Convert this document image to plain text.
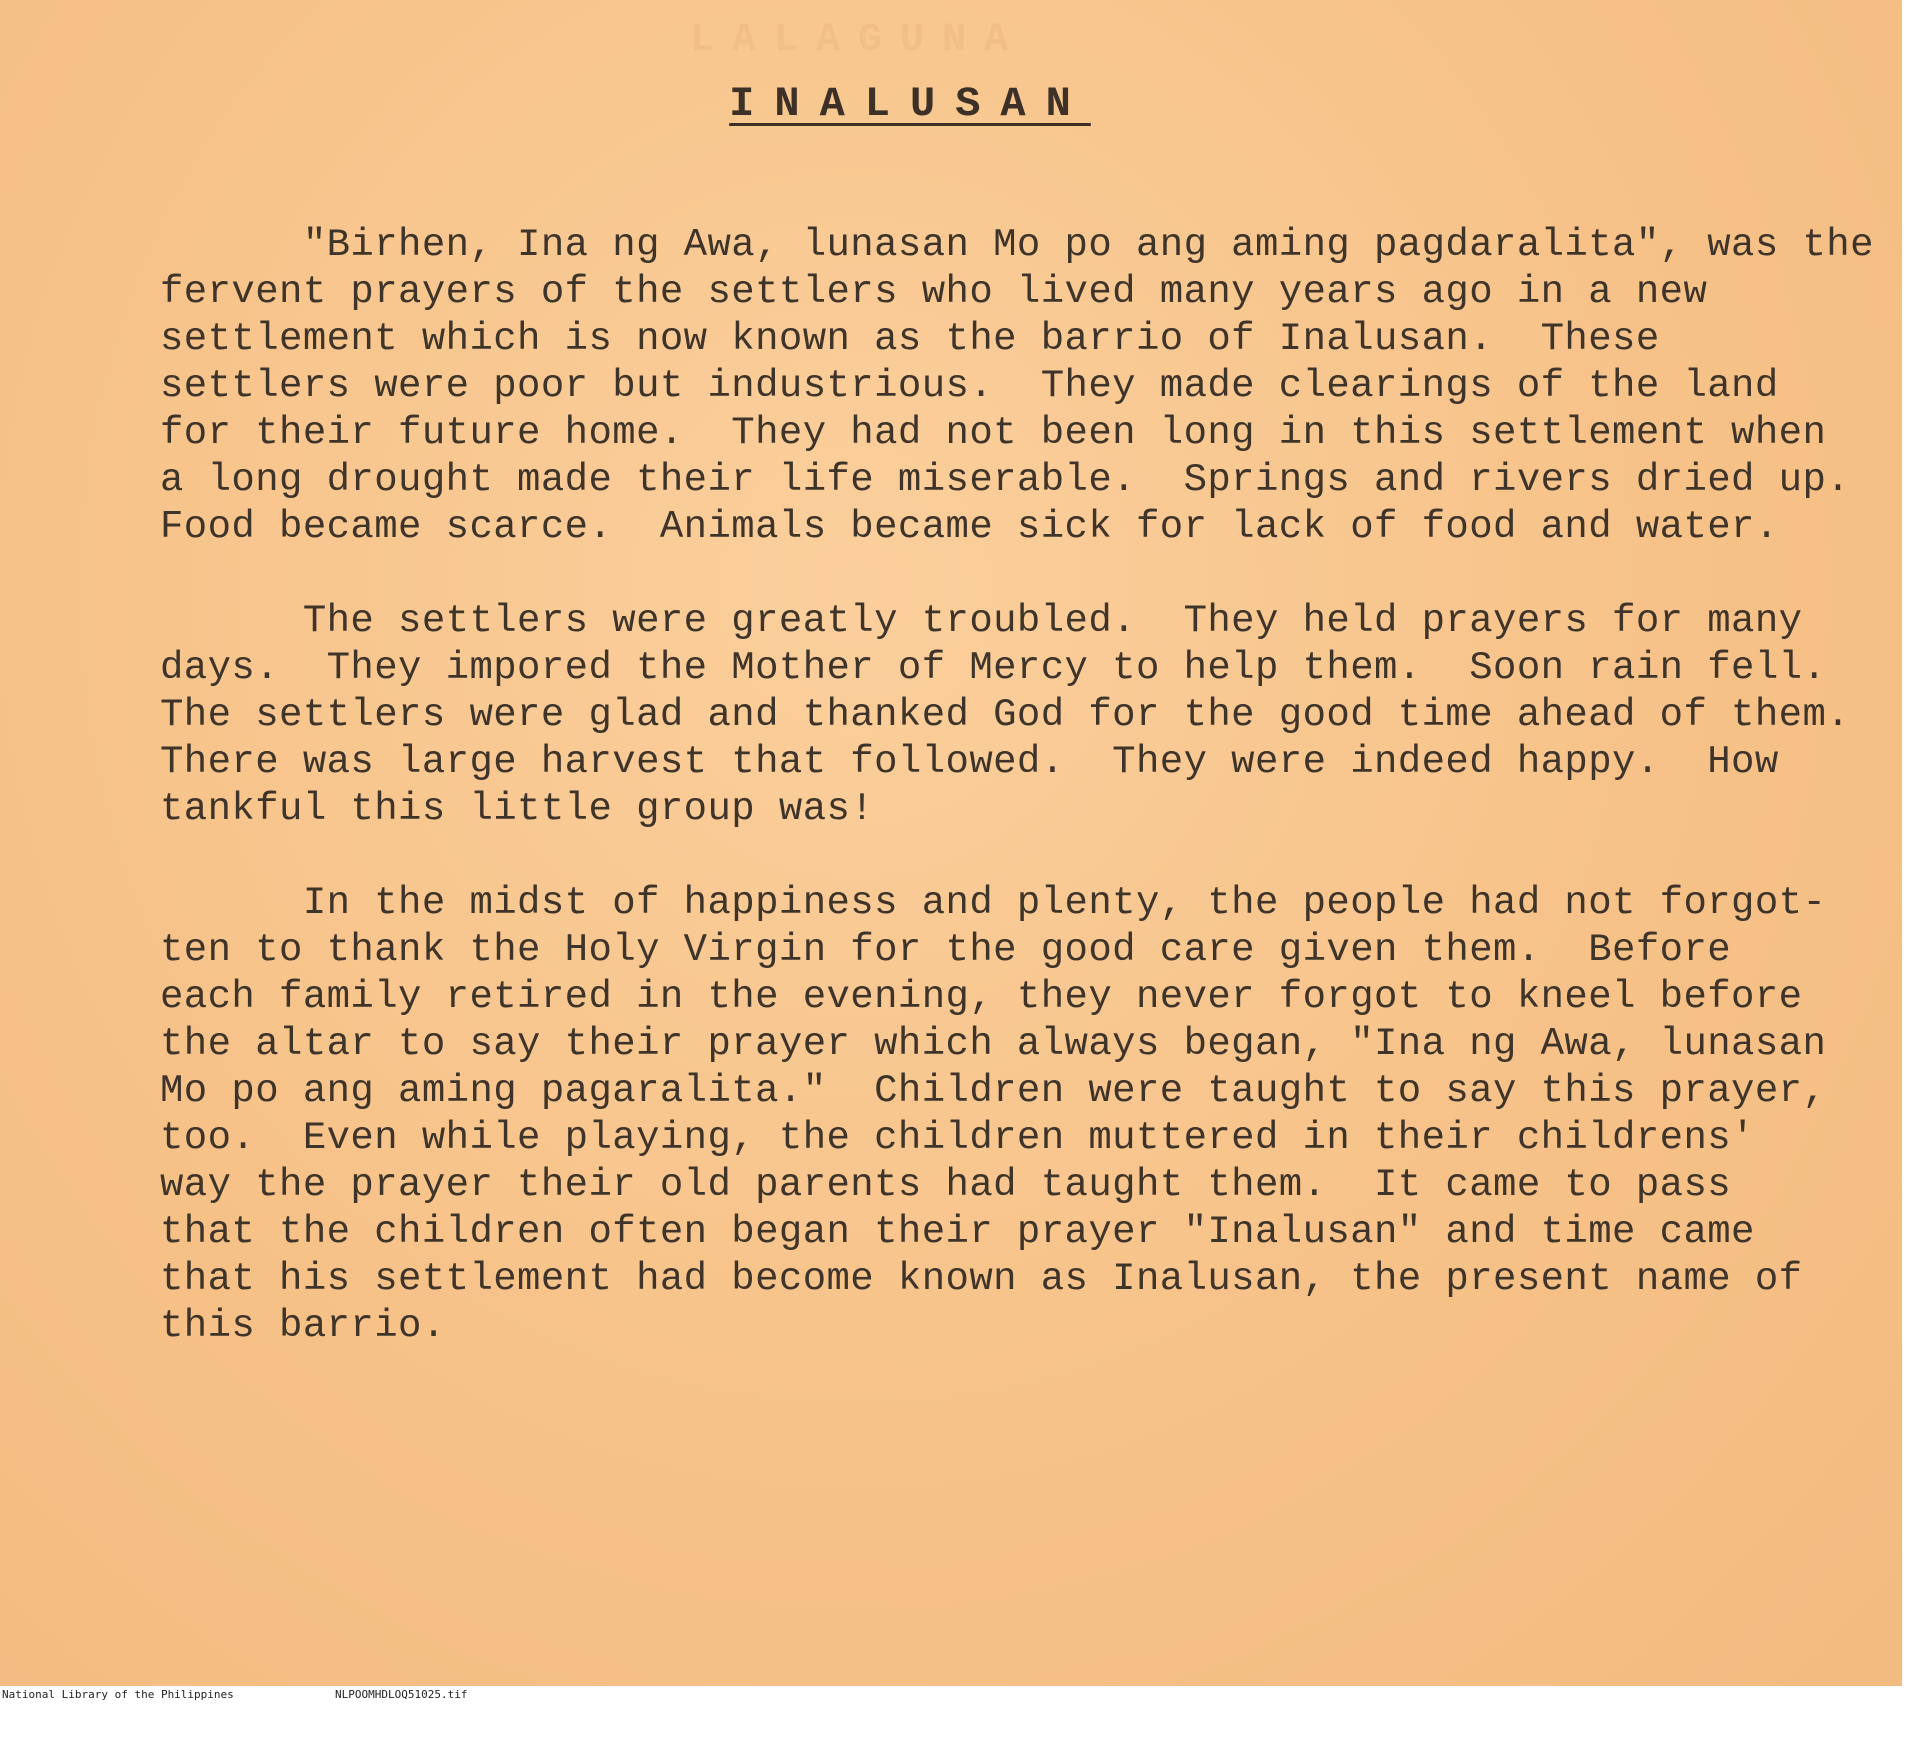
LALAGUNA
INALUSAN
"Birhen, Ina ng Awa, lunasan Mo po ang aming pagdaralita", was the
fervent prayers of the settlers who lived many years ago in a new
settlement which is now known as the barrio of Inalusan.  These
settlers were poor but industrious.  They made clearings of the land
for their future home.  They had not been long in this settlement when
a long drought made their life miserable.  Springs and rivers dried up.
Food became scarce.  Animals became sick for lack of food and water.
The settlers were greatly troubled.  They held prayers for many
days.  They impored the Mother of Mercy to help them.  Soon rain fell.
The settlers were glad and thanked God for the good time ahead of them.
There was large harvest that followed.  They were indeed happy.  How
tankful this little group was!
In the midst of happiness and plenty, the people had not forgot-
ten to thank the Holy Virgin for the good care given them.  Before
each family retired in the evening, they never forgot to kneel before
the altar to say their prayer which always began, "Ina ng Awa, lunasan
Mo po ang aming pagaralita."  Children were taught to say this prayer,
too.  Even while playing, the children muttered in their childrens'
way the prayer their old parents had taught them.  It came to pass
that the children often began their prayer "Inalusan" and time came
that his settlement had become known as Inalusan, the present name of
this barrio.

National Library of the Philippines

	NLPOOMHDLOQ51025.tif
